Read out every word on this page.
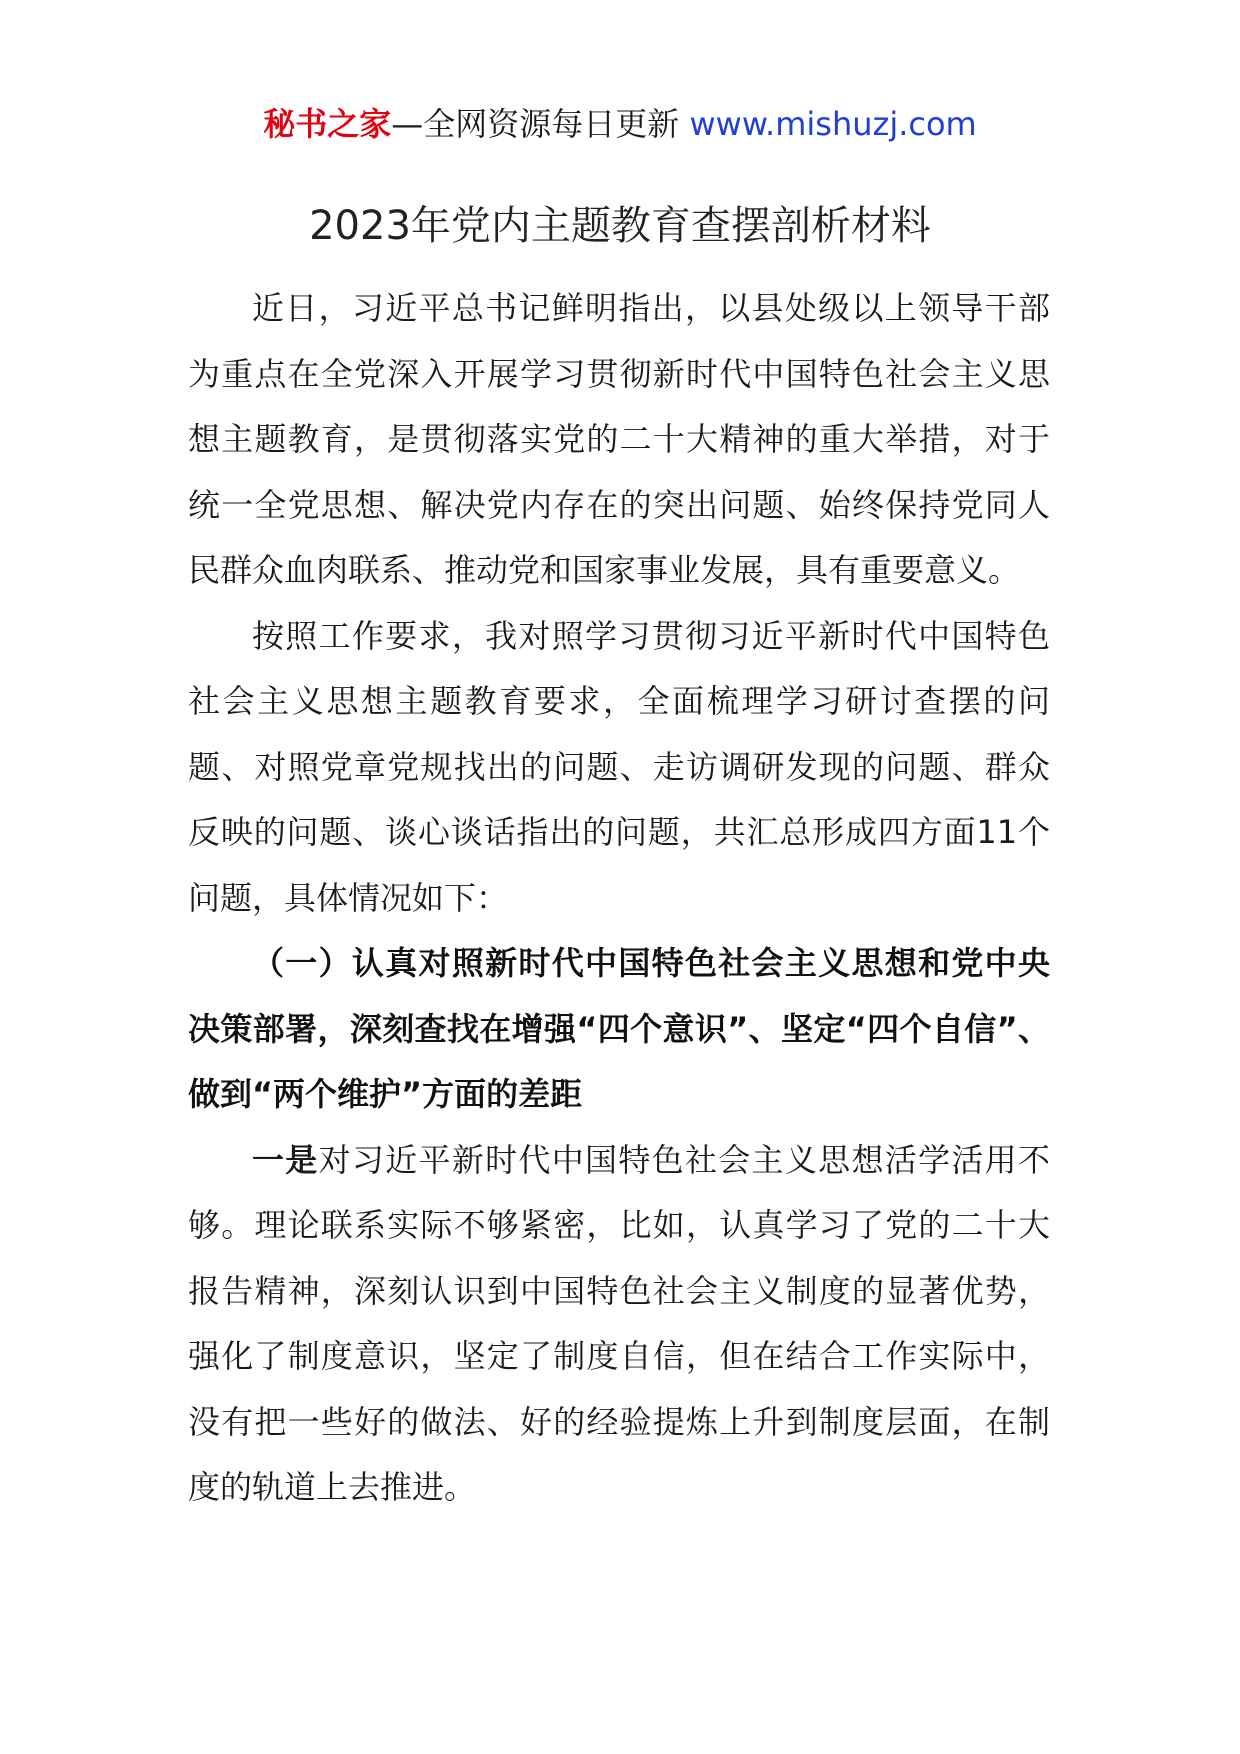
秘书之家—全网资源每日更新 www.mishuzj.com
2023年党内主题教育查摆剖析材料

近日，习近平总书记鲜明指出，以县处级以上领导干部为重点在全党深入开展学习贯彻新时代中国特色社会主义思想主题教育，是贯彻落实党的二十大精神的重大举措，对于统一全党思想、解决党内存在的突出问题、始终保持党同人民群众血肉联系、推动党和国家事业发展，具有重要意义。

按照工作要求，我对照学习贯彻习近平新时代中国特色社会主义思想主题教育要求，全面梳理学习研讨查摆的问题、对照党章党规找出的问题、走访调研发现的问题、群众反映的问题、谈心谈话指出的问题，共汇总形成四方面11个问题，具体情况如下：

（一）认真对照新时代中国特色社会主义思想和党中央决策部署，深刻查找在增强“四个意识”、坚定“四个自信”、做到“两个维护”方面的差距

一是对习近平新时代中国特色社会主义思想活学活用不够。理论联系实际不够紧密，比如，认真学习了党的二十大报告精神，深刻认识到中国特色社会主义制度的显著优势，强化了制度意识，坚定了制度自信，但在结合工作实际中，没有把一些好的做法、好的经验提炼上升到制度层面，在制度的轨道上去推进。
